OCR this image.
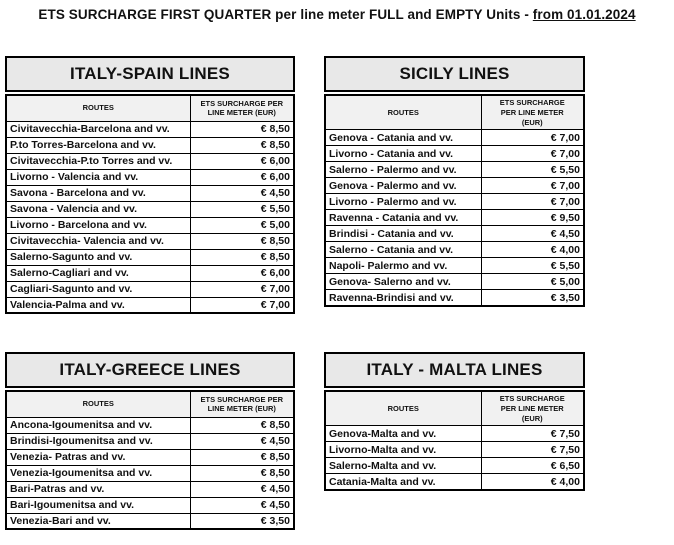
ETS SURCHARGE FIRST QUARTER per line meter FULL and EMPTY Units - from 01.01.2024
ITALY-SPAIN LINES
ROUTES	ETS SURCHARGE PER LINE METER (EUR)
Civitavecchia-Barcelona and vv.	€ 8,50
P.to Torres-Barcelona and vv.	€ 8,50
Civitavecchia-P.to Torres and vv.	€ 6,00
Livorno - Valencia and vv.	€ 6,00
Savona - Barcelona and vv.	€ 4,50
Savona - Valencia and vv.	€ 5,50
Livorno - Barcelona and vv.	€ 5,00
Civitavecchia- Valencia and vv.	€ 8,50
Salerno-Sagunto and vv.	€ 8,50
Salerno-Cagliari and vv.	€ 6,00
Cagliari-Sagunto and vv.	€ 7,00
Valencia-Palma and vv.	€ 7,00
SICILY LINES
ROUTES	ETS SURCHARGE PER LINE METER (EUR)
Genova - Catania and vv.	€ 7,00
Livorno - Catania and vv.	€ 7,00
Salerno - Palermo and vv.	€ 5,50
Genova - Palermo and vv.	€ 7,00
Livorno - Palermo and vv.	€ 7,00
Ravenna - Catania and vv.	€ 9,50
Brindisi - Catania and vv.	€ 4,50
Salerno - Catania and vv.	€ 4,00
Napoli- Palermo and vv.	€ 5,50
Genova- Salerno and vv.	€ 5,00
Ravenna-Brindisi and vv.	€ 3,50
ITALY-GREECE LINES
ROUTES	ETS SURCHARGE PER LINE METER (EUR)
Ancona-Igoumenitsa and vv.	€ 8,50
Brindisi-Igoumenitsa and vv.	€ 4,50
Venezia- Patras and vv.	€ 8,50
Venezia-Igoumenitsa and vv.	€ 8,50
Bari-Patras and vv.	€ 4,50
Bari-Igoumenitsa and vv.	€ 4,50
Venezia-Bari and vv.	€ 3,50
ITALY - MALTA LINES
ROUTES	ETS SURCHARGE PER LINE METER (EUR)
Genova-Malta and vv.	€ 7,50
Livorno-Malta and vv.	€ 7,50
Salerno-Malta and vv.	€ 6,50
Catania-Malta and vv.	€ 4,00
